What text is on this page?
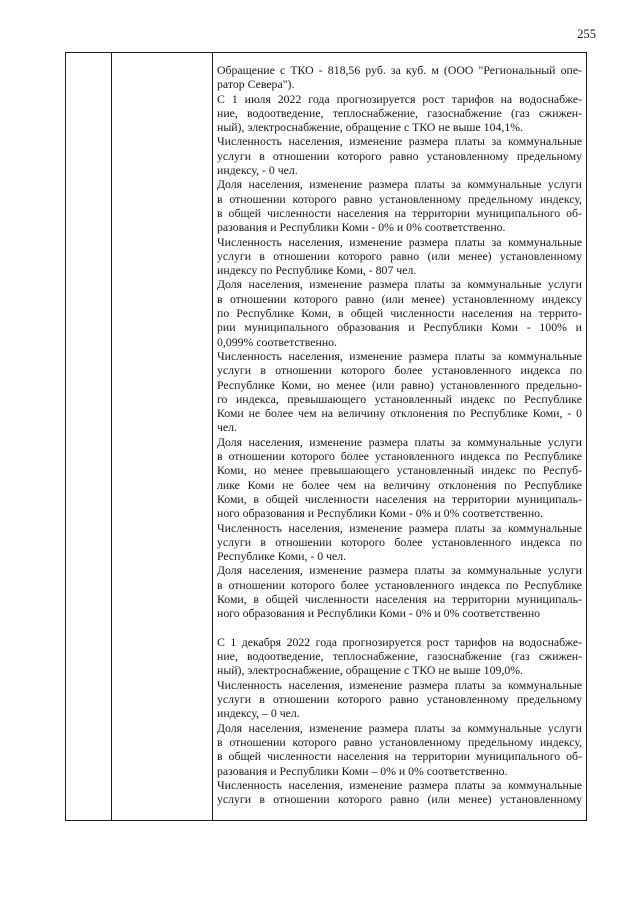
255
Обращение с ТКО - 818,56 руб. за куб. м (ООО "Региональный опе-
ратор Севера").
С 1 июля 2022 года прогнозируется рост тарифов на водоснабже-
ние, водоотведение, теплоснабжение, газоснабжение (газ сжижен-
ный), электроснабжение, обращение с ТКО не выше 104,1%.
Численность населения, изменение размера платы за коммунальные
услуги в отношении которого равно установленному предельному
индексу, - 0 чел.
Доля населения, изменение размера платы за коммунальные услуги
в отношении которого равно установленному предельному индексу,
в общей численности населения на территории муниципального об-
разования и Республики Коми - 0% и 0% соответственно.
Численность населения, изменение размера платы за коммунальные
услуги в отношении которого равно (или менее) установленному
индексу по Республике Коми, - 807 чел.
Доля населения, изменение размера платы за коммунальные услуги
в отношении которого равно (или менее) установленному индексу
по Республике Коми, в общей численности населения на террито-
рии муниципального образования и Республики Коми - 100% и
0,099% соответственно.
Численность населения, изменение размера платы за коммунальные
услуги в отношении которого более установленного индекса по
Республике Коми, но менее (или равно) установленного предельно-
го индекса, превышающего установленный индекс по Республике
Коми не более чем на величину отклонения по Республике Коми, - 0
чел.
Доля населения, изменение размера платы за коммунальные услуги
в отношении которого более установленного индекса по Республике
Коми, но менее превышающего установленный индекс по Респуб-
лике Коми не более чем на величину отклонения по Республике
Коми, в общей численности населения на территории муниципаль-
ного образования и Республики Коми - 0% и 0% соответственно.
Численность населения, изменение размера платы за коммунальные
услуги в отношении которого более установленного индекса по
Республике Коми, - 0 чел.
Доля населения, изменение размера платы за коммунальные услуги
в отношении которого более установленного индекса по Республике
Коми, в общей численности населения на территории муниципаль-
ного образования и Республики Коми - 0% и 0% соответственно
С 1 декабря 2022 года прогнозируется рост тарифов на водоснабже-
ние, водоотведение, теплоснабжение, газоснабжение (газ сжижен-
ный), электроснабжение, обращение с ТКО не выше 109,0%.
Численность населения, изменение размера платы за коммунальные
услуги в отношении которого равно установленному предельному
индексу, – 0 чел.
Доля населения, изменение размера платы за коммунальные услуги
в отношении которого равно установленному предельному индексу,
в общей численности населения на территории муниципального об-
разования и Республики Коми – 0% и 0% соответственно.
Численность населения, изменение размера платы за коммунальные
услуги в отношении которого равно (или менее) установленному
